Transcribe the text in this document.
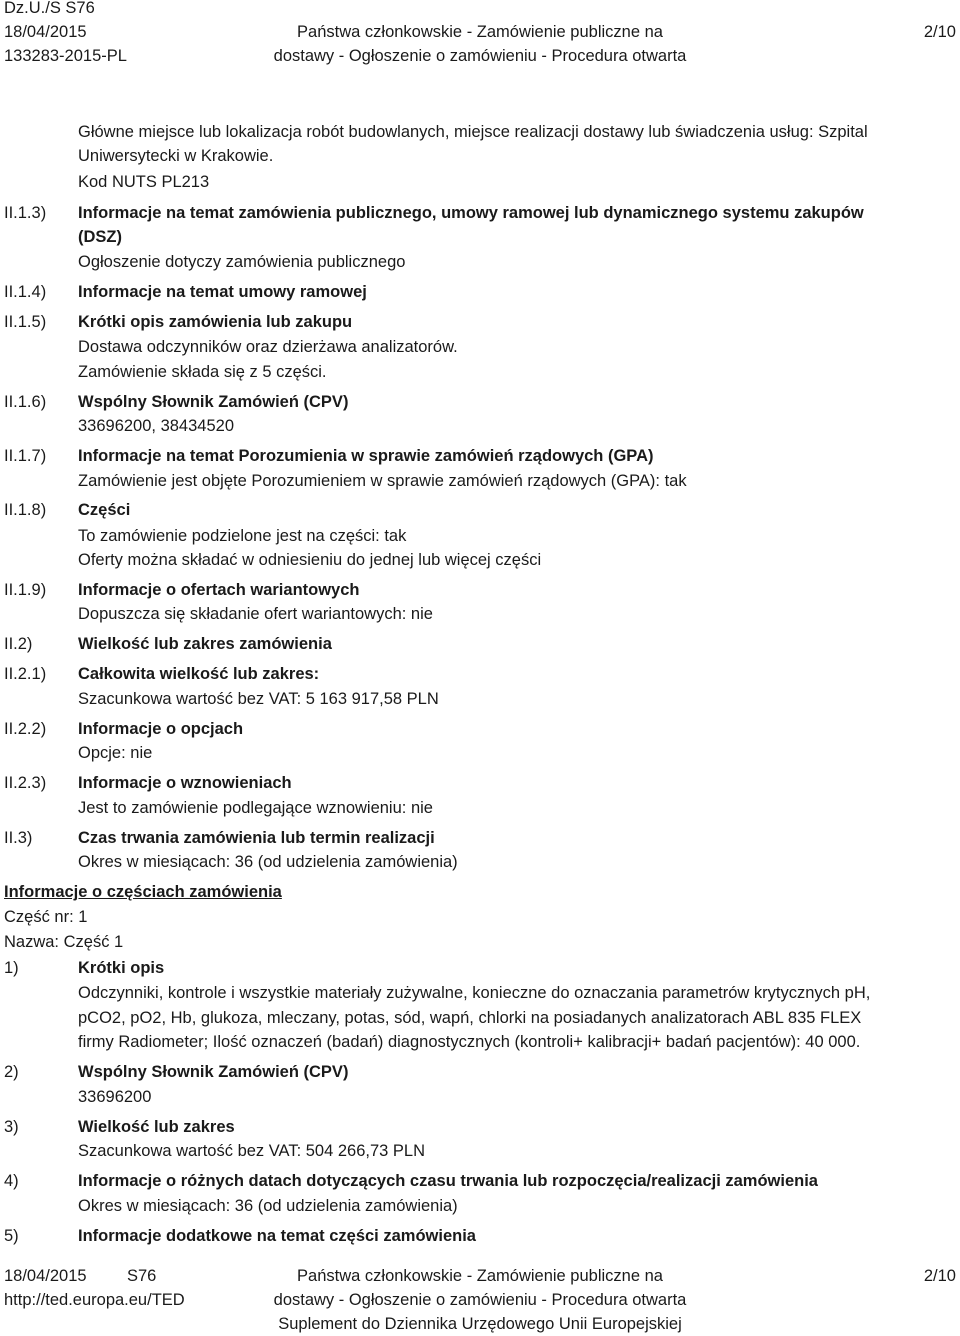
Dz.U./S S76
18/04/2015
133283-2015-PL
Państwa członkowskie - Zamówienie publiczne na
dostawy - Ogłoszenie o zamówieniu - Procedura otwarta
2/10
Główne miejsce lub lokalizacja robót budowlanych, miejsce realizacji dostawy lub świadczenia usług: Szpital
Uniwersytecki w Krakowie.
Kod NUTS PL213
II.1.3) Informacje na temat zamówienia publicznego, umowy ramowej lub dynamicznego systemu zakupów
(DSZ)
Ogłoszenie dotyczy zamówienia publicznego
II.1.4) Informacje na temat umowy ramowej
II.1.5) Krótki opis zamówienia lub zakupu
Dostawa odczynników oraz dzierżawa analizatorów.
Zamówienie składa się z 5 części.
II.1.6) Wspólny Słownik Zamówień (CPV)
33696200, 38434520
II.1.7) Informacje na temat Porozumienia w sprawie zamówień rządowych (GPA)
Zamówienie jest objęte Porozumieniem w sprawie zamówień rządowych (GPA): tak
II.1.8) Części
To zamówienie podzielone jest na części: tak
Oferty można składać w odniesieniu do jednej lub więcej części
II.1.9) Informacje o ofertach wariantowych
Dopuszcza się składanie ofert wariantowych: nie
II.2)	Wielkość lub zakres zamówienia
II.2.1) Całkowita wielkość lub zakres:
Szacunkowa wartość bez VAT: 5 163 917,58 PLN
II.2.2) Informacje o opcjach
Opcje: nie
II.2.3) Informacje o wznowieniach
Jest to zamówienie podlegające wznowieniu: nie
II.3)	Czas trwania zamówienia lub termin realizacji
Okres w miesiącach: 36 (od udzielenia zamówienia)
Informacje o częściach zamówienia
Część nr: 1
Nazwa: Część 1
1)	Krótki opis
Odczynniki, kontrole i wszystkie materiały zużywalne, konieczne do oznaczania parametrów krytycznych pH,
pCO2, pO2, Hb, glukoza, mleczany, potas, sód, wapń, chlorki na posiadanych analizatorach ABL 835 FLEX
firmy Radiometer; Ilość oznaczeń (badań) diagnostycznych (kontroli+ kalibracji+ badań pacjentów): 40 000.
2)	Wspólny Słownik Zamówień (CPV)
33696200
3)	Wielkość lub zakres
Szacunkowa wartość bez VAT: 504 266,73 PLN
4)	Informacje o różnych datach dotyczących czasu trwania lub rozpoczęcia/realizacji zamówienia
Okres w miesiącach: 36 (od udzielenia zamówienia)
5)	Informacje dodatkowe na temat części zamówienia
18/04/2015 S76
http://ted.europa.eu/TED
Państwa członkowskie - Zamówienie publiczne na
dostawy - Ogłoszenie o zamówieniu - Procedura otwarta
Suplement do Dziennika Urzędowego Unii Europejskiej
2/10
